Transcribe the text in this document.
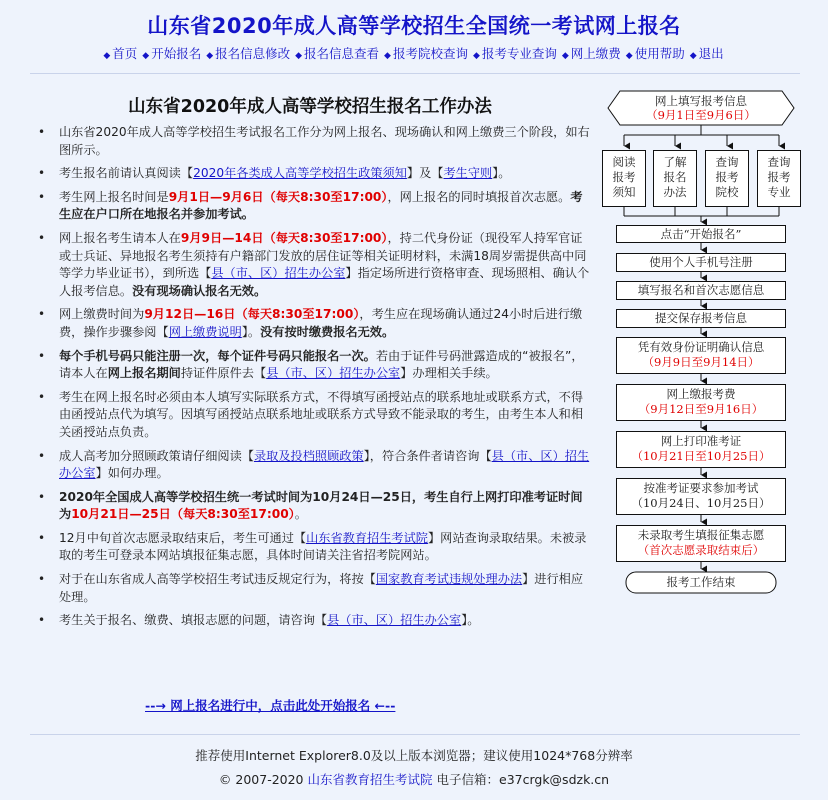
山东省2020年成人高等学校招生全国统一考试网上报名
◆ 首页 ◆ 开始报名 ◆ 报名信息修改 ◆ 报名信息查看 ◆ 报考院校查询 ◆ 报考专业查询 ◆ 网上缴费 ◆ 使用帮助 ◆ 退出
山东省2020年成人高等学校招生报名工作办法
• 山东省2020年成人高等学校招生考试报名工作分为网上报名、现场确认和网上缴费三个阶段，如右图所示。
• 考生报名前请认真阅读【2020年各类成人高等学校招生政策须知】及【考生守则】。
• 考生网上报名时间是9月1日—9月6日（每天8:30至17:00），网上报名的同时填报首次志愿。考生应在户口所在地报名并参加考试。
• 网上报名考生请本人在9月9日—14日（每天8:30至17:00），持二代身份证（现役军人持军官证或士兵证、异地报名考生须持有户籍部门发放的居住证等相关证明材料，未满18周岁需提供高中同等学力毕业证书），到所选【县（市、区）招生办公室】指定场所进行资格审查、现场照相、确认个人报考信息。没有现场确认报名无效。
• 网上缴费时间为9月12日—16日（每天8:30至17:00），考生应在现场确认通过24小时后进行缴费，操作步骤参阅【网上缴费说明】。没有按时缴费报名无效。
• 每个手机号码只能注册一次，每个证件号码只能报名一次。若由于证件号码泄露造成的“被报名”，请本人在网上报名期间持证件原件去【县（市、区）招生办公室】办理相关手续。
• 考生在网上报名时必须由本人填写实际联系方式，不得填写函授站点的联系地址或联系方式，不得由函授站点代为填写。因填写函授站点联系地址或联系方式导致不能录取的考生，由考生本人和相关函授站点负责。
• 成人高考加分照顾政策请仔细阅读【录取及投档照顾政策】，符合条件者请咨询【县（市、区）招生办公室】如何办理。
• 2020年全国成人高等学校招生统一考试时间为10月24日—25日，考生自行上网打印准考证时间为10月21日—25日（每天8:30至17:00）。
• 12月中旬首次志愿录取结束后，考生可通过【山东省教育招生考试院】网站查询录取结果。未被录取的考生可登录本网站填报征集志愿，具体时间请关注省招考院网站。
• 对于在山东省成人高等学校招生考试违反规定行为，将按【国家教育考试违规处理办法】进行相应处理。
• 考生关于报名、缴费、填报志愿的问题，请咨询【县（市、区）招生办公室】。
--→ 网上报名进行中，点击此处开始报名 ←--
网上填写报考信息
（9月1日至9月6日）
阅读报考须知
了解报名办法
查询报考院校
查询报考专业
点击“开始报名”
使用个人手机号注册
填写报名和首次志愿信息
提交保存报考信息
凭有效身份证明确认信息
（9月9日至9月14日）
网上缴报考费
（9月12日至9月16日）
网上打印准考证
（10月21日至10月25日）
按准考证要求参加考试
（10月24日、10月25日）
未录取考生填报征集志愿
（首次志愿录取结束后）
报考工作结束
推荐使用Internet Explorer8.0及以上版本浏览器；建议使用1024*768分辨率
© 2007-2020 山东省教育招生考试院 电子信箱：e37crgk@sdzk.cn
